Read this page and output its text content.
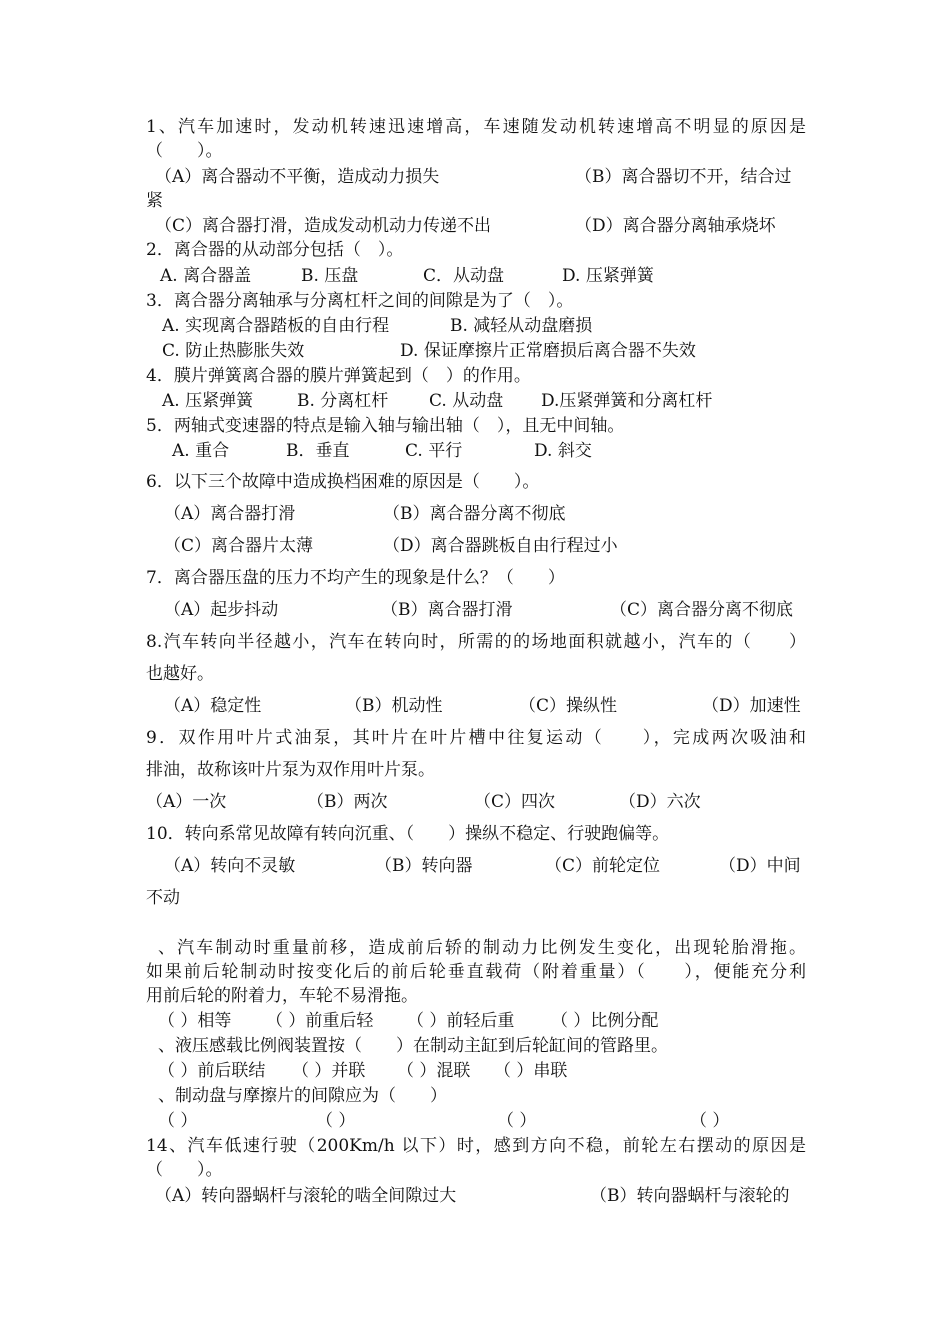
1、汽车加速时，发动机转速迅速增高，车速随发动机转速增高不明显的原因是
（　　）。
（A）离合器动不平衡，造成动力损失	（B）离合器切不开，结合过
紧
（C）离合器打滑，造成发动机动力传递不出	（D）离合器分离轴承烧坏
2．离合器的从动部分包括（　）。
A. 离合器盖	B. 压盘	C．从动盘	D. 压紧弹簧
3．离合器分离轴承与分离杠杆之间的间隙是为了（　）。
A. 实现离合器踏板的自由行程	B. 减轻从动盘磨损
C. 防止热膨胀失效	D. 保证摩擦片正常磨损后离合器不失效
4．膜片弹簧离合器的膜片弹簧起到（　）的作用。
A. 压紧弹簧	B. 分离杠杆 C. 从动盘 D.压紧弹簧和分离杠杆
5．两轴式变速器的特点是输入轴与输出轴（　），且无中间轴。
A. 重合	B．垂直	C. 平行	D. 斜交
6．以下三个故障中造成换档困难的原因是（　　）。
（A）离合器打滑	（B）离合器分离不彻底
（C）离合器片太薄	（D）离合器跳板自由行程过小
7．离合器压盘的压力不均产生的现象是什么？（　　）
（A）起步抖动	（B）离合器打滑	（C）离合器分离不彻底
8.汽车转向半径越小，汽车在转向时，所需的的场地面积就越小，汽车的（　　）
也越好。
（A）稳定性	（B）机动性	（C）操纵性	（D）加速性
9．双作用叶片式油泵，其叶片在叶片槽中往复运动（　　），完成两次吸油和
排油，故称该叶片泵为双作用叶片泵。
（A）一次	（B）两次	（C）四次	（D）六次
10．转向系常见故障有转向沉重、（　　）操纵不稳定、行驶跑偏等。
（A）转向不灵敏	（B）转向器	（C）前轮定位	（D）中间
不动
、汽车制动时重量前移，造成前后轿的制动力比例发生变化，出现轮胎滑拖。
如果前后轮制动时按变化后的前后轮垂直载荷（附着重量）（　　），便能充分利
用前后轮的附着力，车轮不易滑拖。
（ ）相等 （ ）前重后轻 （ ）前轻后重 （ ）比例分配
、液压感载比例阀装置按（　　）在制动主缸到后轮缸间的管路里。
（ ）前后联结 （ ）并联 （ ）混联 （ ）串联
、制动盘与摩擦片的间隙应为（　　）
（ ）	（ ）	（ ）	（ ）
14、汽车低速行驶（200Km/h 以下）时，感到方向不稳，前轮左右摆动的原因是
（　　）。
（A）转向器蜗杆与滚轮的啮全间隙过大	（B）转向器蜗杆与滚轮的
